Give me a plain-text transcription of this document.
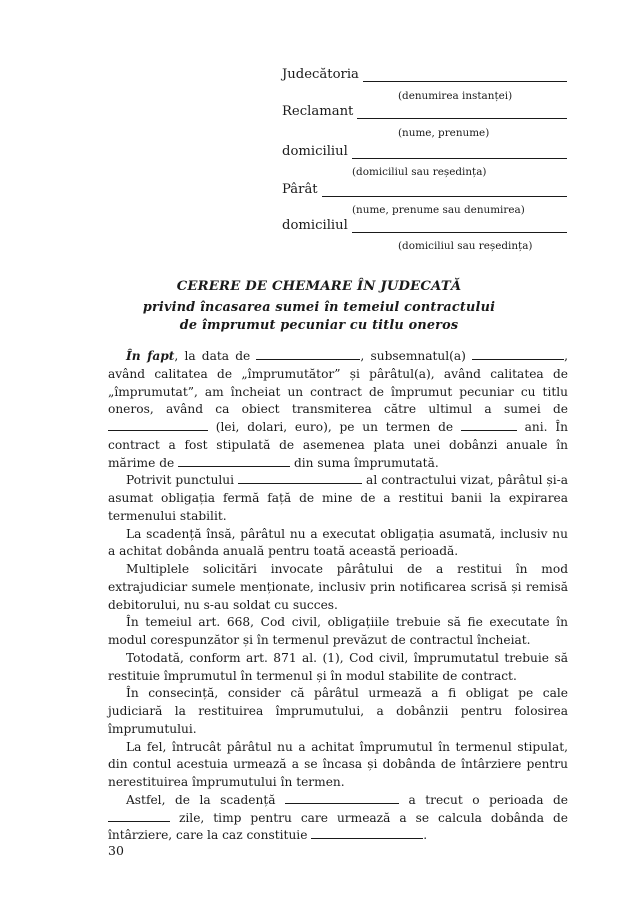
Judecătoria
(denumirea instanței)
Reclamant
(nume, prenume)
domiciliul
(domiciliul sau reședința)
Pârât
(nume, prenume sau denumirea)
domiciliul
(domiciliul sau reședința)
CERERE DE CHEMARE ÎN JUDECATĂ
privind încasarea sumei în temeiul contractului
de împrumut pecuniar cu titlu oneros

În fapt, la data de	, subsemnatul(a)	, având calitatea de „împrumutător” și pârâtul(a), având calitatea de „împrumutat”, am încheiat un contract de împrumut pecuniar cu titlu oneros, având ca obiect transmiterea către ultimul a sumei de  (lei, dolari, euro), pe un termen de	ani. În contract a fost stipulată de asemenea plata unei dobânzi anuale în mărime de	din suma împrumutată.

Potrivit punctului	al contractului vizat, pârâtul și-a asumat obligația fermă față de mine de a restitui banii la expirarea termenului stabilit.

La scadență însă, pârâtul nu a executat obligația asumată, inclusiv nu a achitat dobânda anuală pentru toată această perioadă.

Multiplele solicitări invocate pârâtului de a restitui în mod extrajudiciar sumele menționate, inclusiv prin notificarea scrisă și remisă debitorului, nu s-au soldat cu succes.

În temeiul art. 668, Cod civil, obligațiile trebuie să fie executate în modul corespunzător și în termenul prevăzut de contractul încheiat.

Totodată, conform art. 871 al. (1), Cod civil, împrumutatul trebuie să restituie împrumutul în termenul și în modul stabilite de contract.

În consecință, consider că pârâtul urmează a fi obligat pe cale judiciară la restituirea împrumutului, a dobânzii pentru folosirea împrumutului.

La fel, întrucât pârâtul nu a achitat împrumutul în termenul stipulat, din contul acestuia urmează a se încasa și dobânda de întârziere pentru nerestituirea împrumutului în termen.

Astfel, de la scadență	a trecut o perioada de  zile, timp pentru care urmează a se calcula dobânda de întârziere, care la caz constituie	.

30
